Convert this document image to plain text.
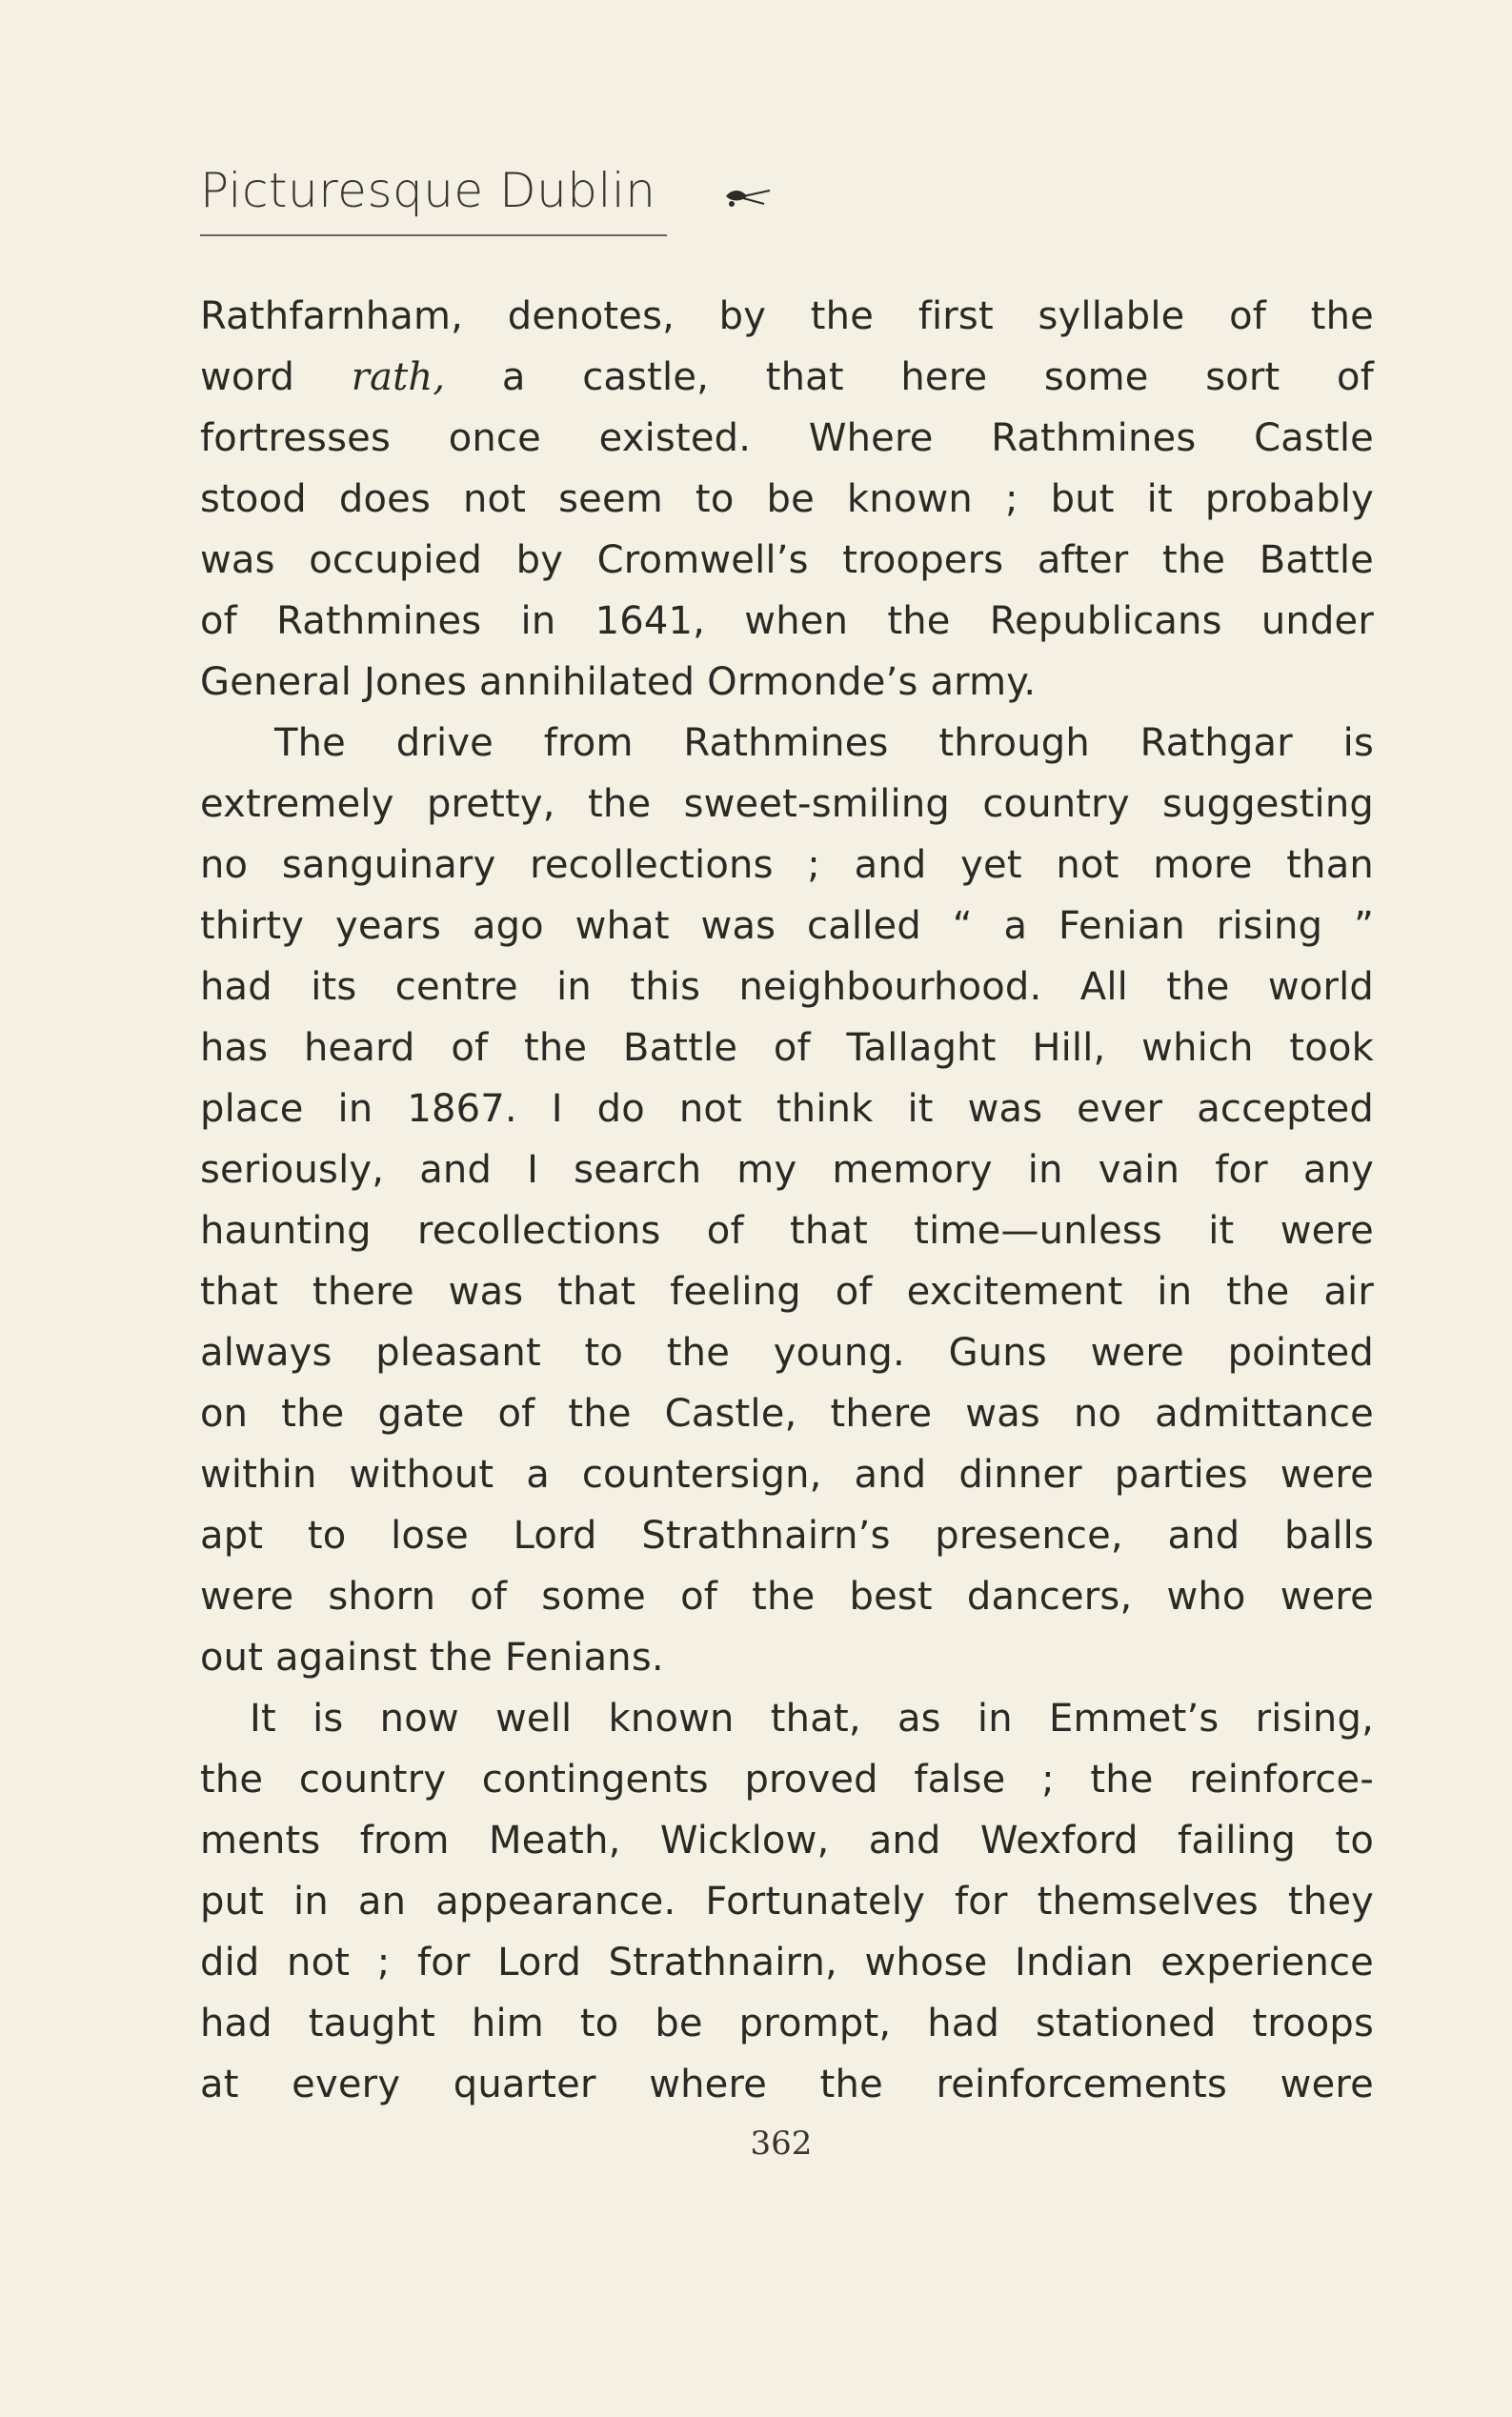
Picturesque Dublin
Rathfarnham, denotes, by the first syllable of the
word rath, a castle, that here some sort of
fortresses once existed. Where Rathmines Castle
stood does not seem to be known ; but it probably
was occupied by Cromwell’s troopers after the Battle
of Rathmines in 1641, when the Republicans under
General Jones annihilated Ormonde’s army.
The drive from Rathmines through Rathgar is
extremely pretty, the sweet-smiling country suggesting
no sanguinary recollections ; and yet not more than
thirty years ago what was called “ a Fenian rising ”
had its centre in this neighbourhood. All the world
has heard of the Battle of Tallaght Hill, which took
place in 1867. I do not think it was ever accepted
seriously, and I search my memory in vain for any
haunting recollections of that time—unless it were
that there was that feeling of excitement in the air
always pleasant to the young. Guns were pointed
on the gate of the Castle, there was no admittance
within without a countersign, and dinner parties were
apt to lose Lord Strathnairn’s presence, and balls
were shorn of some of the best dancers, who were
out against the Fenians.
It is now well known that, as in Emmet’s rising,
the country contingents proved false ; the reinforce-
ments from Meath, Wicklow, and Wexford failing to
put in an appearance. Fortunately for themselves they
did not ; for Lord Strathnairn, whose Indian experience
had taught him to be prompt, had stationed troops
at every quarter where the reinforcements were
362
